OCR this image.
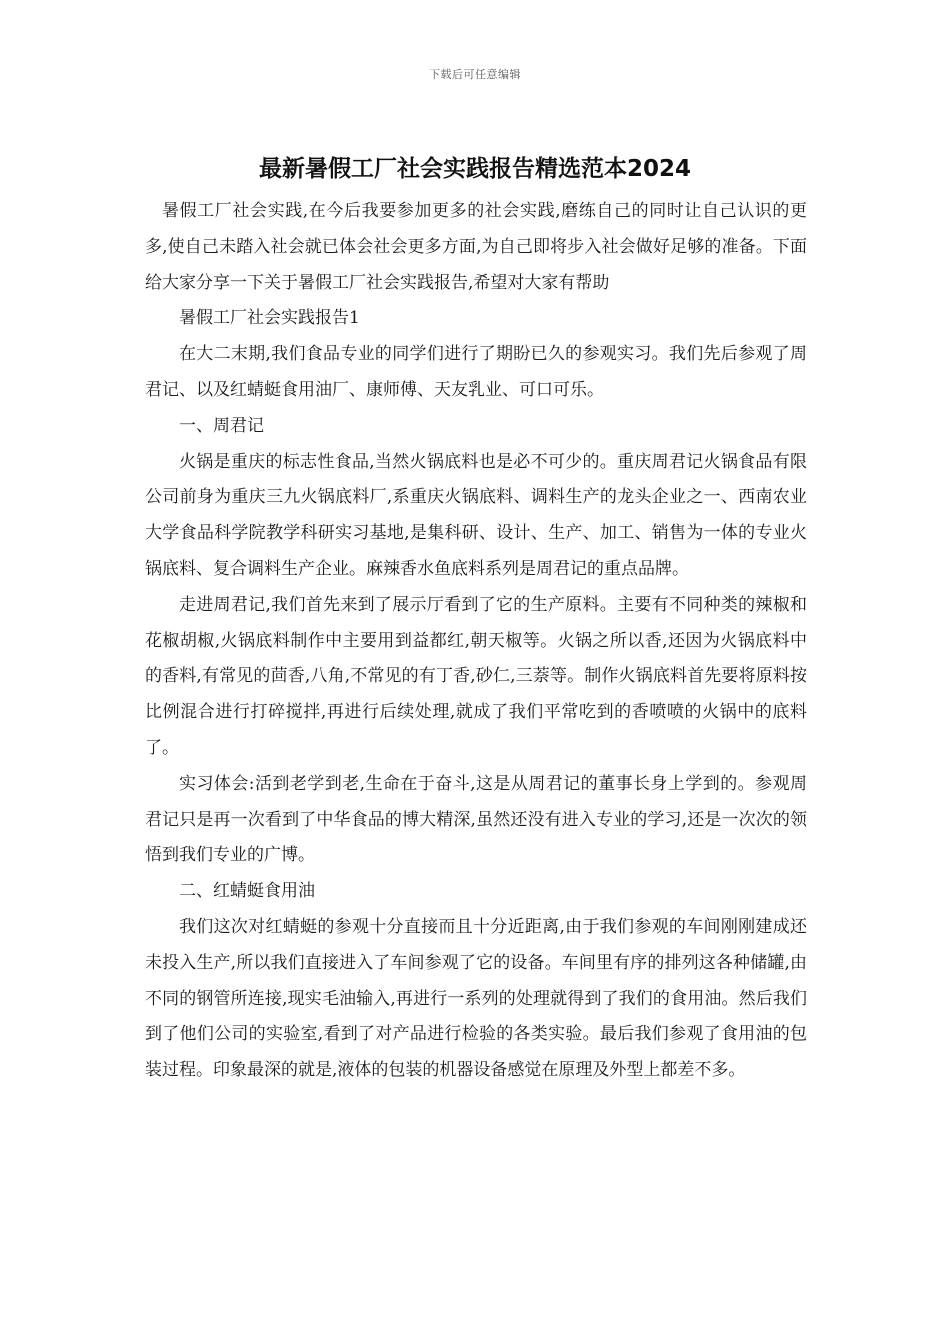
下载后可任意编辑
最新暑假工厂社会实践报告精选范本2024

暑假工厂社会实践,在今后我要参加更多的社会实践,磨练自己的同时让自己认识的更多,使自己未踏入社会就已体会社会更多方面,为自己即将步入社会做好足够的准备。下面给大家分享一下关于暑假工厂社会实践报告,希望对大家有帮助

暑假工厂社会实践报告1

在大二末期,我们食品专业的同学们进行了期盼已久的参观实习。我们先后参观了周君记、以及红蜻蜓食用油厂、康师傅、天友乳业、可口可乐。

一、周君记

火锅是重庆的标志性食品,当然火锅底料也是必不可少的。重庆周君记火锅食品有限公司前身为重庆三九火锅底料厂,系重庆火锅底料、调料生产的龙头企业之一、西南农业大学食品科学院教学科研实习基地,是集科研、设计、生产、加工、销售为一体的专业火锅底料、复合调料生产企业。麻辣香水鱼底料系列是周君记的重点品牌。

走进周君记,我们首先来到了展示厅看到了它的生产原料。主要有不同种类的辣椒和花椒胡椒,火锅底料制作中主要用到益都红,朝天椒等。火锅之所以香,还因为火锅底料中的香料,有常见的茴香,八角,不常见的有丁香,砂仁,三萘等。制作火锅底料首先要将原料按比例混合进行打碎搅拌,再进行后续处理,就成了我们平常吃到的香喷喷的火锅中的底料了。

实习体会:活到老学到老,生命在于奋斗,这是从周君记的董事长身上学到的。参观周君记只是再一次看到了中华食品的博大精深,虽然还没有进入专业的学习,还是一次次的领悟到我们专业的广博。

二、红蜻蜓食用油

我们这次对红蜻蜓的参观十分直接而且十分近距离,由于我们参观的车间刚刚建成还未投入生产,所以我们直接进入了车间参观了它的设备。车间里有序的排列这各种储罐,由不同的钢管所连接,现实毛油输入,再进行一系列的处理就得到了我们的食用油。然后我们到了他们公司的实验室,看到了对产品进行检验的各类实验。最后我们参观了食用油的包装过程。印象最深的就是,液体的包装的机器设备感觉在原理及外型上都差不多。
